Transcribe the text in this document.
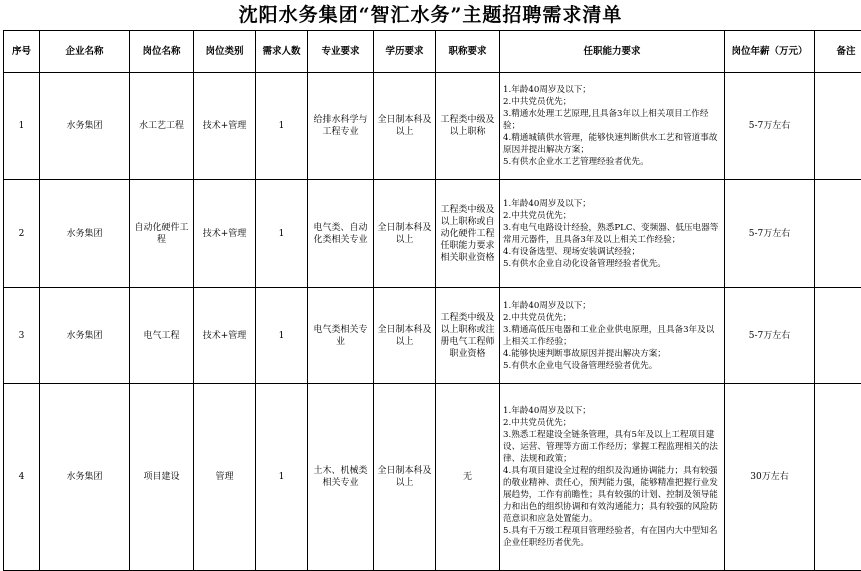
沈阳水务集团“智汇水务”主题招聘需求清单
序号	企业名称	岗位名称	岗位类别	需求人数	专业要求	学历要求	职称要求	任职能力要求	岗位年薪（万元）	备注
1	水务集团	水工艺工程	技术+管理	1	给排水科学与工程专业	全日制本科及以上	工程类中级及以上职称	1.年龄40周岁及以下；
2.中共党员优先；
3.精通水处理工艺原理,且具备3年以上相关项目工作经验；
4.精通城镇供水管理，能够快速判断供水工艺和管道事故原因并提出解决方案；
5.有供水企业水工艺管理经验者优先。	5-7万左右	
2	水务集团	自动化硬件工程	技术+管理	1	电气类、自动化类相关专业	全日制本科及以上	工程类中级及以上职称或自动化硬件工程任职能力要求相关职业资格	1.年龄40周岁及以下；
2.中共党员优先；
3.有电气电路设计经验，熟悉PLC、变频器、低压电器等常用元器件，且具备3年及以上相关工作经验；
4.有设备选型、现场安装调试经验；
5.有供水企业自动化设备管理经验者优先。	5-7万左右	
3	水务集团	电气工程	技术+管理	1	电气类相关专业	全日制本科及以上	工程类中级及以上职称或注册电气工程师职业资格	1.年龄40周岁及以下；
2.中共党员优先；
3.精通高低压电器和工业企业供电原理，且具备3年及以上相关工作经验；
4.能够快速判断事故原因并提出解决方案；
5.有供水企业电气设备管理经验者优先。	5-7万左右	
4	水务集团	项目建设	管理	1	土木、机械类相关专业	全日制本科及以上	无	1.年龄40周岁及以下；
2.中共党员优先；
3.熟悉工程建设全链条管理，具有5年及以上工程项目建设、运营、管理等方面工作经历；掌握工程监理相关的法律、法规和政策；
4.具有项目建设全过程的组织及沟通协调能力；具有较强的敬业精神、责任心，预判能力强，能够精准把握行业发展趋势，工作有前瞻性；具有较强的计划、控制及领导能力和出色的组织协调和有效沟通能力；具有较强的风险防范意识和应急处置能力。
5.具有千万级工程项目管理经验者，有在国内大中型知名企业任职经历者优先。	30万左右	
